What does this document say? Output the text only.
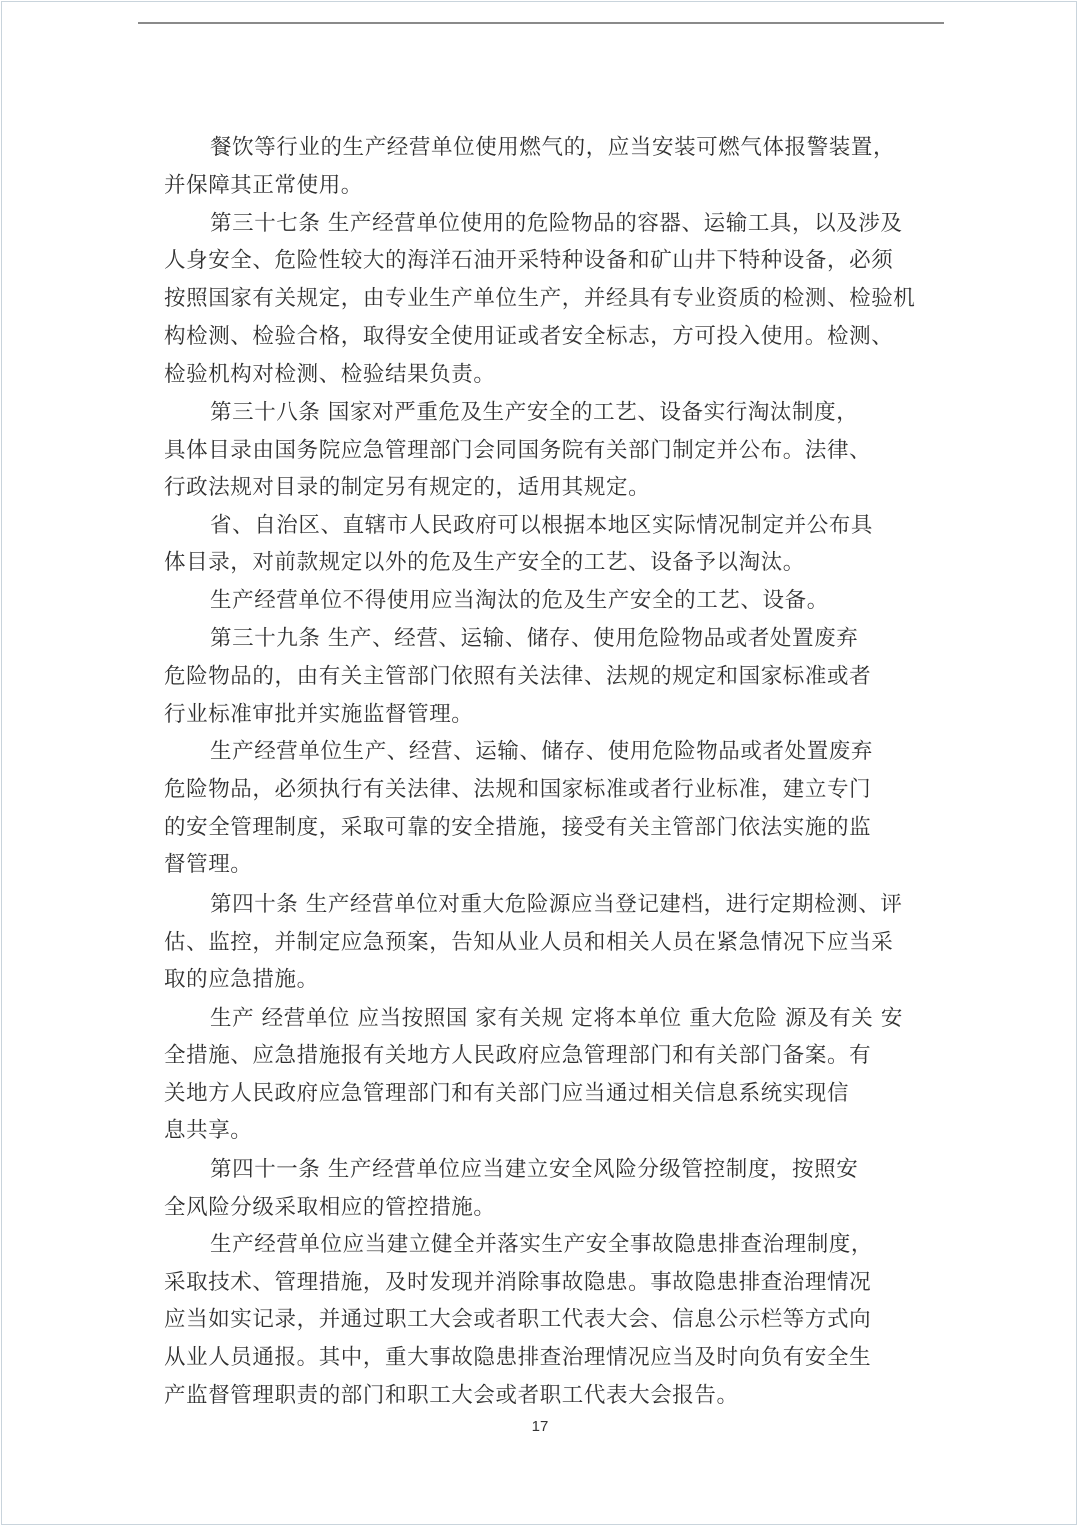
餐饮等行业的生产经营单位使用燃气的，应当安装可燃气体报警装置，
并保障其正常使用。
第三十七条 生产经营单位使用的危险物品的容器、运输工具，以及涉及
人身安全、危险性较大的海洋石油开采特种设备和矿山井下特种设备，必须
按照国家有关规定，由专业生产单位生产，并经具有专业资质的检测、检验机
构检测、检验合格，取得安全使用证或者安全标志，方可投入使用。检测、
检验机构对检测、检验结果负责。
第三十八条 国家对严重危及生产安全的工艺、设备实行淘汰制度，
具体目录由国务院应急管理部门会同国务院有关部门制定并公布。法律、
行政法规对目录的制定另有规定的，适用其规定。
省、自治区、直辖市人民政府可以根据本地区实际情况制定并公布具
体目录，对前款规定以外的危及生产安全的工艺、设备予以淘汰。
生产经营单位不得使用应当淘汰的危及生产安全的工艺、设备。
第三十九条 生产、经营、运输、储存、使用危险物品或者处置废弃
危险物品的，由有关主管部门依照有关法律、法规的规定和国家标准或者
行业标准审批并实施监督管理。
生产经营单位生产、经营、运输、储存、使用危险物品或者处置废弃
危险物品，必须执行有关法律、法规和国家标准或者行业标准，建立专门
的安全管理制度，采取可靠的安全措施，接受有关主管部门依法实施的监
督管理。
第四十条 生产经营单位对重大危险源应当登记建档，进行定期检测、评
估、监控，并制定应急预案，告知从业人员和相关人员在紧急情况下应当采
取的应急措施。
生产 经营单位 应当按照国 家有关规 定将本单位 重大危险 源及有关 安
全措施、应急措施报有关地方人民政府应急管理部门和有关部门备案。有
关地方人民政府应急管理部门和有关部门应当通过相关信息系统实现信
息共享。
第四十一条 生产经营单位应当建立安全风险分级管控制度，按照安
全风险分级采取相应的管控措施。
生产经营单位应当建立健全并落实生产安全事故隐患排查治理制度，
采取技术、管理措施，及时发现并消除事故隐患。事故隐患排查治理情况
应当如实记录，并通过职工大会或者职工代表大会、信息公示栏等方式向
从业人员通报。其中，重大事故隐患排查治理情况应当及时向负有安全生
产监督管理职责的部门和职工大会或者职工代表大会报告。
17
